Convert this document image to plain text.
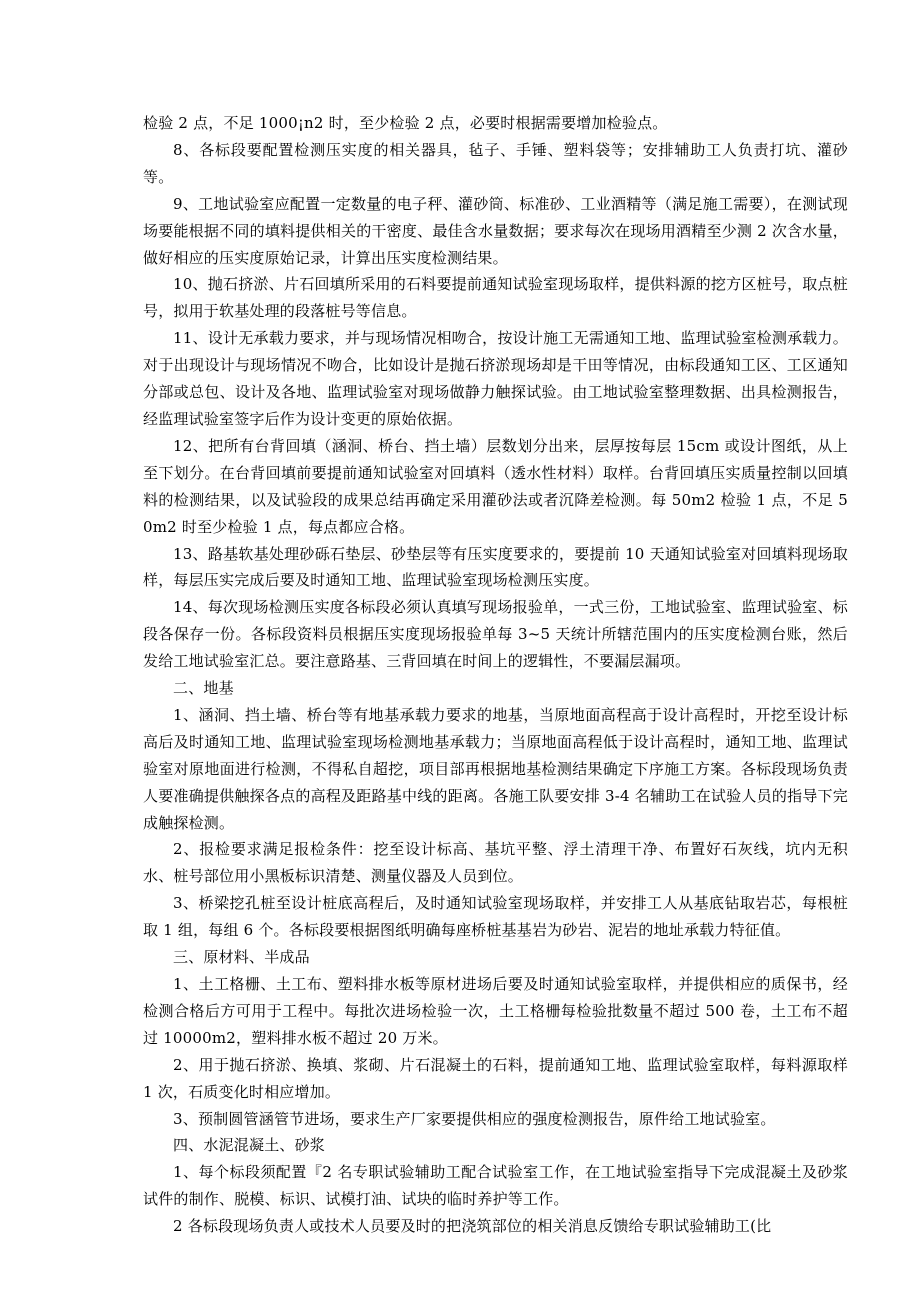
检验 2 点，不足 1000¡n2 时，至少检验 2 点，必要时根据需要增加检验点。

8、各标段要配置检测压实度的相关器具，毡子、手锤、塑料袋等；安排辅助工人负责打坑、灌砂等。

9、工地试验室应配置一定数量的电子秤、灌砂筒、标准砂、工业酒精等（满足施工需要），在测试现场要能根据不同的填料提供相关的干密度、最佳含水量数据；要求每次在现场用酒精至少测 2 次含水量，做好相应的压实度原始记录，计算出压实度检测结果。

10、抛石挤淤、片石回填所采用的石料要提前通知试验室现场取样，提供料源的挖方区桩号，取点桩号，拟用于软基处理的段落桩号等信息。

11、设计无承载力要求，并与现场情况相吻合，按设计施工无需通知工地、监理试验室检测承载力。对于出现设计与现场情况不吻合，比如设计是抛石挤淤现场却是干田等情况，由标段通知工区、工区通知分部或总包、设计及各地、监理试验室对现场做静力触探试验。由工地试验室整理数据、出具检测报告，经监理试验室签字后作为设计变更的原始依据。

12、把所有台背回填（涵洞、桥台、挡土墙）层数划分出来，层厚按每层 15cm 或设计图纸，从上至下划分。在台背回填前要提前通知试验室对回填料（透水性材料）取样。台背回填压实质量控制以回填料的检测结果，以及试验段的成果总结再确定采用灌砂法或者沉降差检测。每 50m2 检验 1 点，不足 50m2 时至少检验 1 点，每点都应合格。

13、路基软基处理砂砾石垫层、砂垫层等有压实度要求的，要提前 10 天通知试验室对回填料现场取样，每层压实完成后要及时通知工地、监理试验室现场检测压实度。

14、每次现场检测压实度各标段必须认真填写现场报验单，一式三份，工地试验室、监理试验室、标段各保存一份。各标段资料员根据压实度现场报验单每 3~5 天统计所辖范围内的压实度检测台账，然后发给工地试验室汇总。要注意路基、三背回填在时间上的逻辑性，不要漏层漏项。

二、地基

1、涵洞、挡土墙、桥台等有地基承载力要求的地基，当原地面高程高于设计高程时，开挖至设计标高后及时通知工地、监理试验室现场检测地基承载力；当原地面高程低于设计高程时，通知工地、监理试验室对原地面进行检测，不得私自超挖，项目部再根据地基检测结果确定下序施工方案。各标段现场负责人要准确提供触探各点的高程及距路基中线的距离。各施工队要安排 3-4 名辅助工在试验人员的指导下完成触探检测。

2、报检要求满足报检条件：挖至设计标高、基坑平整、浮土清理干净、布置好石灰线，坑内无积水、桩号部位用小黑板标识清楚、测量仪器及人员到位。

3、桥梁挖孔桩至设计桩底高程后，及时通知试验室现场取样，并安排工人从基底钻取岩芯，每根桩取 1 组，每组 6 个。各标段要根据图纸明确每座桥桩基基岩为砂岩、泥岩的地址承载力特征值。

三、原材料、半成品

1、土工格栅、土工布、塑料排水板等原材进场后要及时通知试验室取样，并提供相应的质保书，经检测合格后方可用于工程中。每批次进场检验一次，土工格栅每检验批数量不超过 500 卷，土工布不超过 10000m2，塑料排水板不超过 20 万米。

2、用于抛石挤淤、换填、浆砌、片石混凝土的石料，提前通知工地、监理试验室取样，每料源取样 1 次，石质变化时相应增加。

3、预制圆管涵管节进场，要求生产厂家要提供相应的强度检测报告，原件给工地试验室。

四、水泥混凝土、砂浆

1、每个标段须配置『2 名专职试验辅助工配合试验室工作，在工地试验室指导下完成混凝土及砂浆试件的制作、脱模、标识、试模打油、试块的临时养护等工作。

2 各标段现场负责人或技术人员要及时的把浇筑部位的相关消息反馈给专职试验辅助工(比
